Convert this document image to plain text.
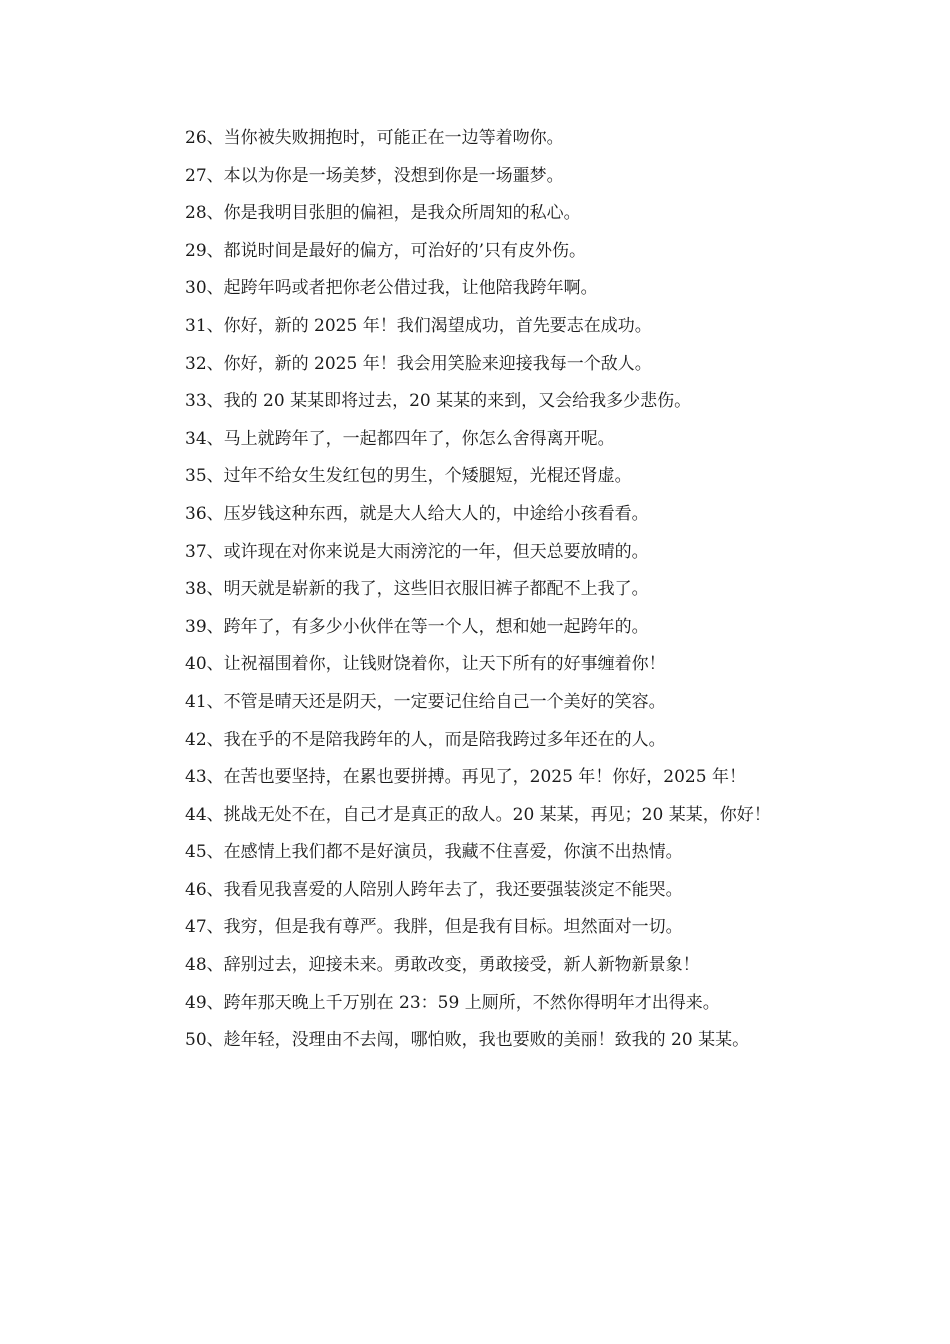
26、当你被失败拥抱时，可能正在一边等着吻你。

27、本以为你是一场美梦，没想到你是一场噩梦。

28、你是我明目张胆的偏袒，是我众所周知的私心。

29、都说时间是最好的偏方，可治好的’只有皮外伤。

30、起跨年吗或者把你老公借过我，让他陪我跨年啊。

31、你好，新的 2025 年！我们渴望成功，首先要志在成功。

32、你好，新的 2025 年！我会用笑脸来迎接我每一个敌人。

33、我的 20 某某即将过去，20 某某的来到，又会给我多少悲伤。

34、马上就跨年了，一起都四年了，你怎么舍得离开呢。

35、过年不给女生发红包的男生，个矮腿短，光棍还肾虚。

36、压岁钱这种东西，就是大人给大人的，中途给小孩看看。

37、或许现在对你来说是大雨滂沱的一年，但天总要放晴的。

38、明天就是崭新的我了，这些旧衣服旧裤子都配不上我了。

39、跨年了，有多少小伙伴在等一个人，想和她一起跨年的。

40、让祝福围着你，让钱财饶着你，让天下所有的好事缠着你！

41、不管是晴天还是阴天，一定要记住给自己一个美好的笑容。

42、我在乎的不是陪我跨年的人，而是陪我跨过多年还在的人。

43、在苦也要坚持，在累也要拼搏。再见了，2025 年！你好，2025 年！

44、挑战无处不在，自己才是真正的敌人。20 某某，再见；20 某某，你好！

45、在感情上我们都不是好演员，我藏不住喜爱，你演不出热情。

46、我看见我喜爱的人陪别人跨年去了，我还要强装淡定不能哭。

47、我穷，但是我有尊严。我胖，但是我有目标。坦然面对一切。

48、辞别过去，迎接未来。勇敢改变，勇敢接受，新人新物新景象！

49、跨年那天晚上千万别在 23：59 上厕所，不然你得明年才出得来。

50、趁年轻，没理由不去闯，哪怕败，我也要败的美丽！致我的 20 某某。
